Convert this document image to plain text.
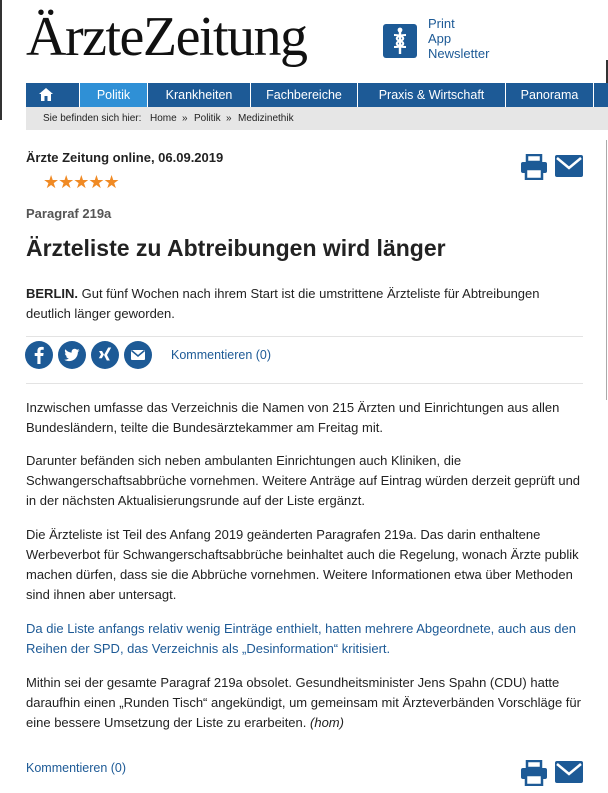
ÄrzteZeitung	Print
App
Newsletter
Politik	Krankheiten	Fachbereiche	Praxis & Wirtschaft	Panorama
Sie befinden sich hier: Home » Politik » Medizinethik
Ärzte Zeitung online, 06.09.2019
★★★★★
Paragraf 219a
Ärzteliste zu Abtreibungen wird länger
BERLIN. Gut fünf Wochen nach ihrem Start ist die umstrittene Ärzteliste für Abtreibungen deutlich länger geworden.
Kommentieren (0)

Inzwischen umfasse das Verzeichnis die Namen von 215 Ärzten und Einrichtungen aus allen Bundesländern, teilte die Bundesärztekammer am Freitag mit.

Darunter befänden sich neben ambulanten Einrichtungen auch Kliniken, die Schwangerschaftsabbrüche vornehmen. Weitere Anträge auf Eintrag würden derzeit geprüft und in der nächsten Aktualisierungsrunde auf der Liste ergänzt.

Die Ärzteliste ist Teil des Anfang 2019 geänderten Paragrafen 219a. Das darin enthaltene Werbeverbot für Schwangerschaftsabbrüche beinhaltet auch die Regelung, wonach Ärzte publik machen dürfen, dass sie die Abbrüche vornehmen. Weitere Informationen etwa über Methoden sind ihnen aber untersagt.

Da die Liste anfangs relativ wenig Einträge enthielt, hatten mehrere Abgeordnete, auch aus den Reihen der SPD, das Verzeichnis als „Desinformation“ kritisiert.

Mithin sei der gesamte Paragraf 219a obsolet. Gesundheitsminister Jens Spahn (CDU) hatte daraufhin einen „Runden Tisch“ angekündigt, um gemeinsam mit Ärzteverbänden Vorschläge für eine bessere Umsetzung der Liste zu erarbeiten. (hom)

Kommentieren (0)
